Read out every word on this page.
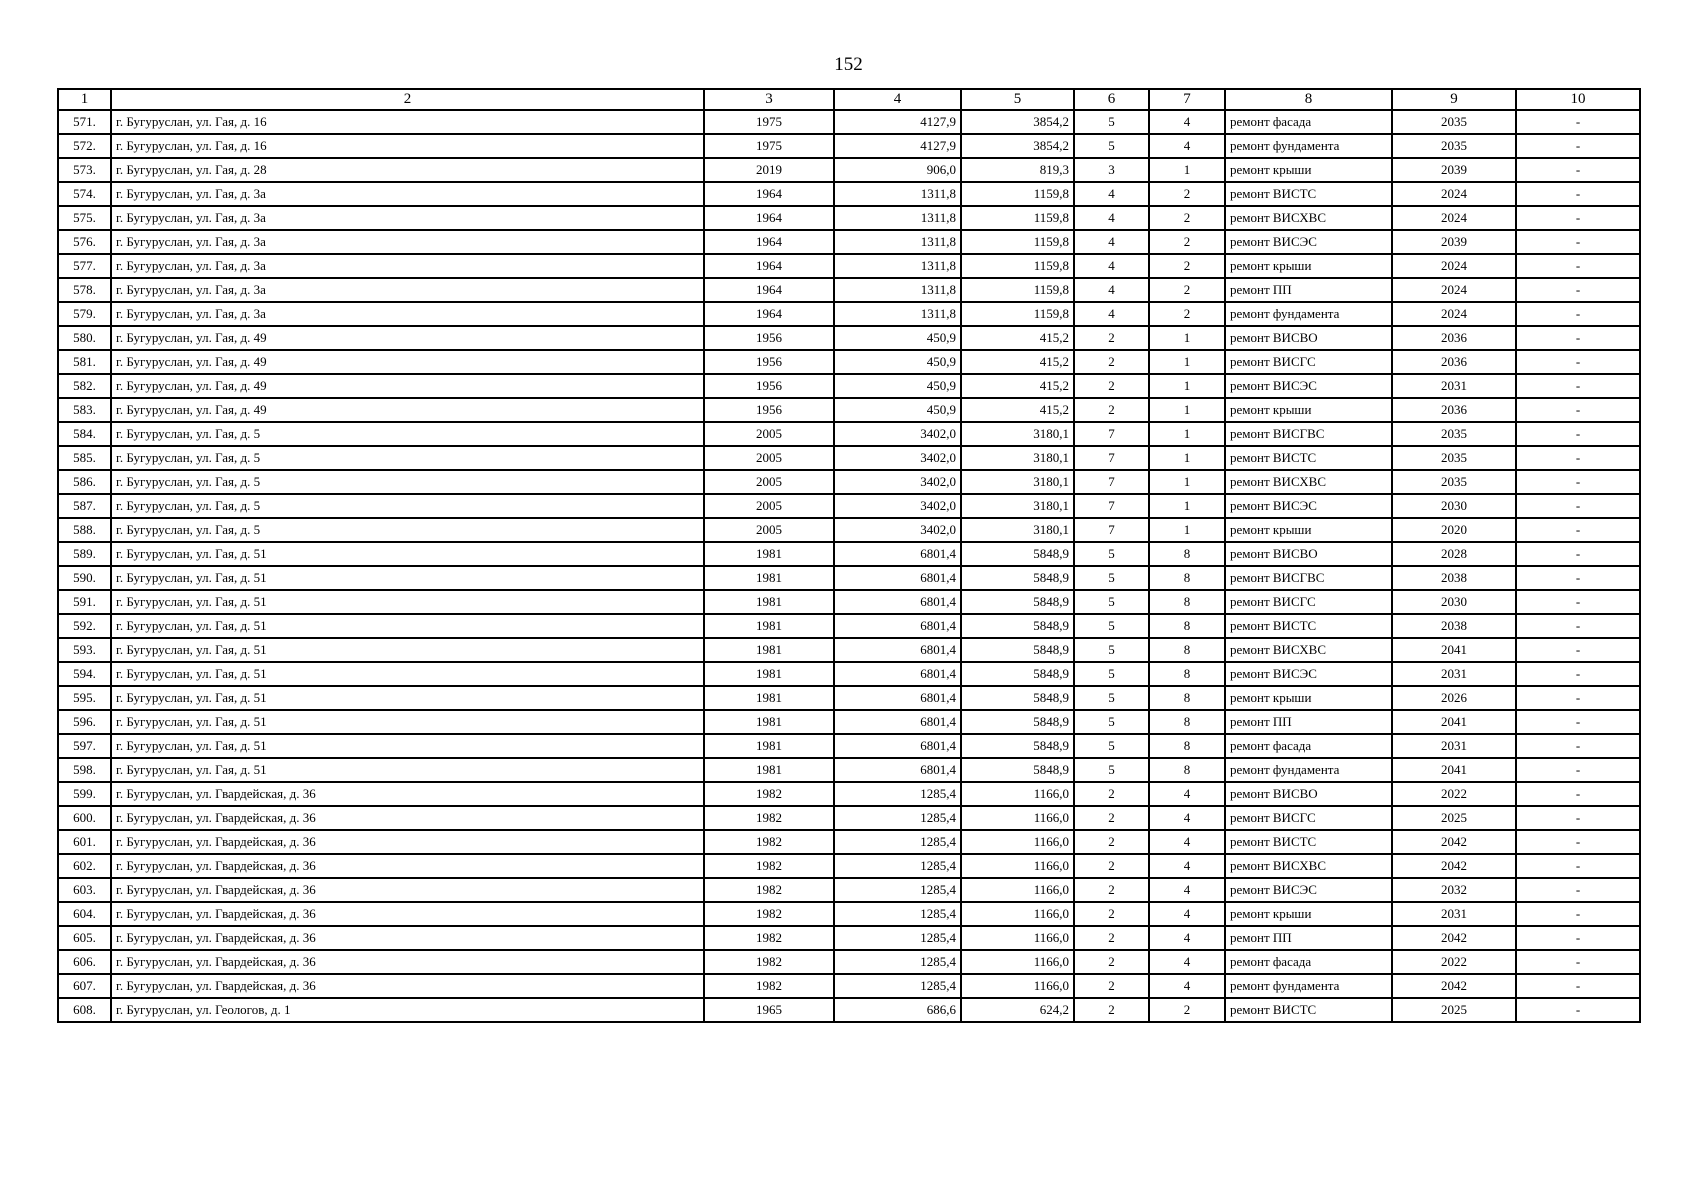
152
1	2	3	4	5	6	7	8	9	10
571.	г. Бугуруслан, ул. Гая, д. 16	1975	4127,9	3854,2	5	4	ремонт фасада	2035	-
572.	г. Бугуруслан, ул. Гая, д. 16	1975	4127,9	3854,2	5	4	ремонт фундамента	2035	-
573.	г. Бугуруслан, ул. Гая, д. 28	2019	906,0	819,3	3	1	ремонт крыши	2039	-
574.	г. Бугуруслан, ул. Гая, д. 3а	1964	1311,8	1159,8	4	2	ремонт ВИСТС	2024	-
575.	г. Бугуруслан, ул. Гая, д. 3а	1964	1311,8	1159,8	4	2	ремонт ВИСХВС	2024	-
576.	г. Бугуруслан, ул. Гая, д. 3а	1964	1311,8	1159,8	4	2	ремонт ВИСЭС	2039	-
577.	г. Бугуруслан, ул. Гая, д. 3а	1964	1311,8	1159,8	4	2	ремонт крыши	2024	-
578.	г. Бугуруслан, ул. Гая, д. 3а	1964	1311,8	1159,8	4	2	ремонт ПП	2024	-
579.	г. Бугуруслан, ул. Гая, д. 3а	1964	1311,8	1159,8	4	2	ремонт фундамента	2024	-
580.	г. Бугуруслан, ул. Гая, д. 49	1956	450,9	415,2	2	1	ремонт ВИСВО	2036	-
581.	г. Бугуруслан, ул. Гая, д. 49	1956	450,9	415,2	2	1	ремонт ВИСГС	2036	-
582.	г. Бугуруслан, ул. Гая, д. 49	1956	450,9	415,2	2	1	ремонт ВИСЭС	2031	-
583.	г. Бугуруслан, ул. Гая, д. 49	1956	450,9	415,2	2	1	ремонт крыши	2036	-
584.	г. Бугуруслан, ул. Гая, д. 5	2005	3402,0	3180,1	7	1	ремонт ВИСГВС	2035	-
585.	г. Бугуруслан, ул. Гая, д. 5	2005	3402,0	3180,1	7	1	ремонт ВИСТС	2035	-
586.	г. Бугуруслан, ул. Гая, д. 5	2005	3402,0	3180,1	7	1	ремонт ВИСХВС	2035	-
587.	г. Бугуруслан, ул. Гая, д. 5	2005	3402,0	3180,1	7	1	ремонт ВИСЭС	2030	-
588.	г. Бугуруслан, ул. Гая, д. 5	2005	3402,0	3180,1	7	1	ремонт крыши	2020	-
589.	г. Бугуруслан, ул. Гая, д. 51	1981	6801,4	5848,9	5	8	ремонт ВИСВО	2028	-
590.	г. Бугуруслан, ул. Гая, д. 51	1981	6801,4	5848,9	5	8	ремонт ВИСГВС	2038	-
591.	г. Бугуруслан, ул. Гая, д. 51	1981	6801,4	5848,9	5	8	ремонт ВИСГС	2030	-
592.	г. Бугуруслан, ул. Гая, д. 51	1981	6801,4	5848,9	5	8	ремонт ВИСТС	2038	-
593.	г. Бугуруслан, ул. Гая, д. 51	1981	6801,4	5848,9	5	8	ремонт ВИСХВС	2041	-
594.	г. Бугуруслан, ул. Гая, д. 51	1981	6801,4	5848,9	5	8	ремонт ВИСЭС	2031	-
595.	г. Бугуруслан, ул. Гая, д. 51	1981	6801,4	5848,9	5	8	ремонт крыши	2026	-
596.	г. Бугуруслан, ул. Гая, д. 51	1981	6801,4	5848,9	5	8	ремонт ПП	2041	-
597.	г. Бугуруслан, ул. Гая, д. 51	1981	6801,4	5848,9	5	8	ремонт фасада	2031	-
598.	г. Бугуруслан, ул. Гая, д. 51	1981	6801,4	5848,9	5	8	ремонт фундамента	2041	-
599.	г. Бугуруслан, ул. Гвардейская, д. 36	1982	1285,4	1166,0	2	4	ремонт ВИСВО	2022	-
600.	г. Бугуруслан, ул. Гвардейская, д. 36	1982	1285,4	1166,0	2	4	ремонт ВИСГС	2025	-
601.	г. Бугуруслан, ул. Гвардейская, д. 36	1982	1285,4	1166,0	2	4	ремонт ВИСТС	2042	-
602.	г. Бугуруслан, ул. Гвардейская, д. 36	1982	1285,4	1166,0	2	4	ремонт ВИСХВС	2042	-
603.	г. Бугуруслан, ул. Гвардейская, д. 36	1982	1285,4	1166,0	2	4	ремонт ВИСЭС	2032	-
604.	г. Бугуруслан, ул. Гвардейская, д. 36	1982	1285,4	1166,0	2	4	ремонт крыши	2031	-
605.	г. Бугуруслан, ул. Гвардейская, д. 36	1982	1285,4	1166,0	2	4	ремонт ПП	2042	-
606.	г. Бугуруслан, ул. Гвардейская, д. 36	1982	1285,4	1166,0	2	4	ремонт фасада	2022	-
607.	г. Бугуруслан, ул. Гвардейская, д. 36	1982	1285,4	1166,0	2	4	ремонт фундамента	2042	-
608.	г. Бугуруслан, ул. Геологов, д. 1	1965	686,6	624,2	2	2	ремонт ВИСТС	2025	-
